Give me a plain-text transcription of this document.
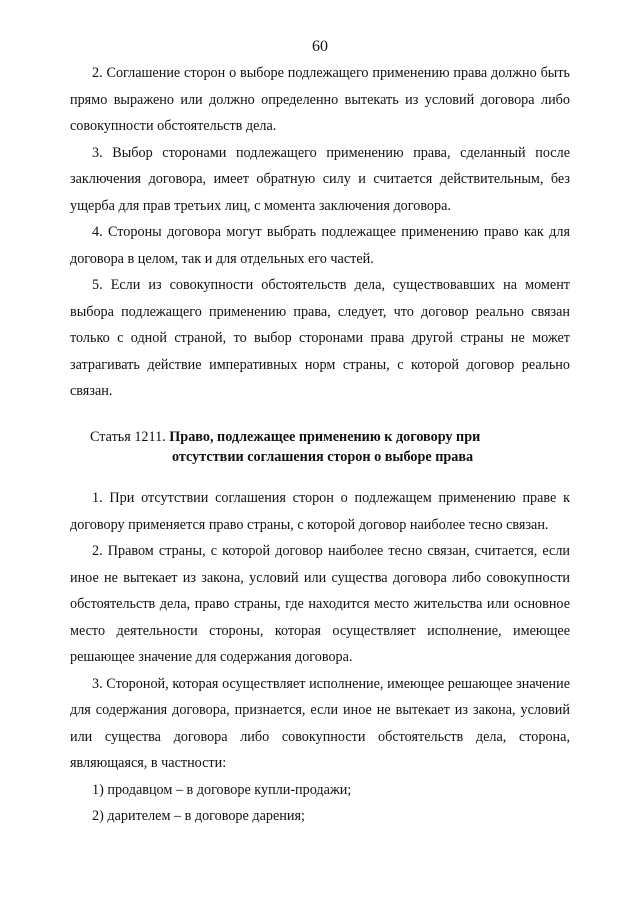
60

2. Соглашение сторон о выборе подлежащего применению права должно быть прямо выражено или должно определенно вытекать из условий договора либо совокупности обстоятельств дела.

3. Выбор сторонами подлежащего применению права, сделанный после заключения договора, имеет обратную силу и считается действительным, без ущерба для прав третьих лиц, с момента заключения договора.

4. Стороны договора могут выбрать подлежащее применению право как для договора в целом, так и для отдельных его частей.

5. Если из совокупности обстоятельств дела, существовавших на момент выбора подлежащего применению права, следует, что договор реально связан только с одной страной, то выбор сторонами права другой страны не может затрагивать действие императивных норм страны, с которой договор реально связан.

Статья 1211. Право, подлежащее применению к договору при

отсутствии соглашения сторон о выборе права

1. При отсутствии соглашения сторон о подлежащем применению праве к договору применяется право страны, с которой договор наиболее тесно связан.

2. Правом страны, с которой договор наиболее тесно связан, считается, если иное не вытекает из закона, условий или существа договора либо совокупности обстоятельств дела, право страны, где находится место жительства или основное место деятельности стороны, которая осуществляет исполнение, имеющее решающее значение для содержания договора.

3. Стороной, которая осуществляет исполнение, имеющее решающее значение для содержания договора, признается, если иное не вытекает из закона, условий или существа договора либо совокупности обстоятельств дела, сторона, являющаяся, в частности:

1) продавцом – в договоре купли-продажи;

2) дарителем – в договоре дарения;
